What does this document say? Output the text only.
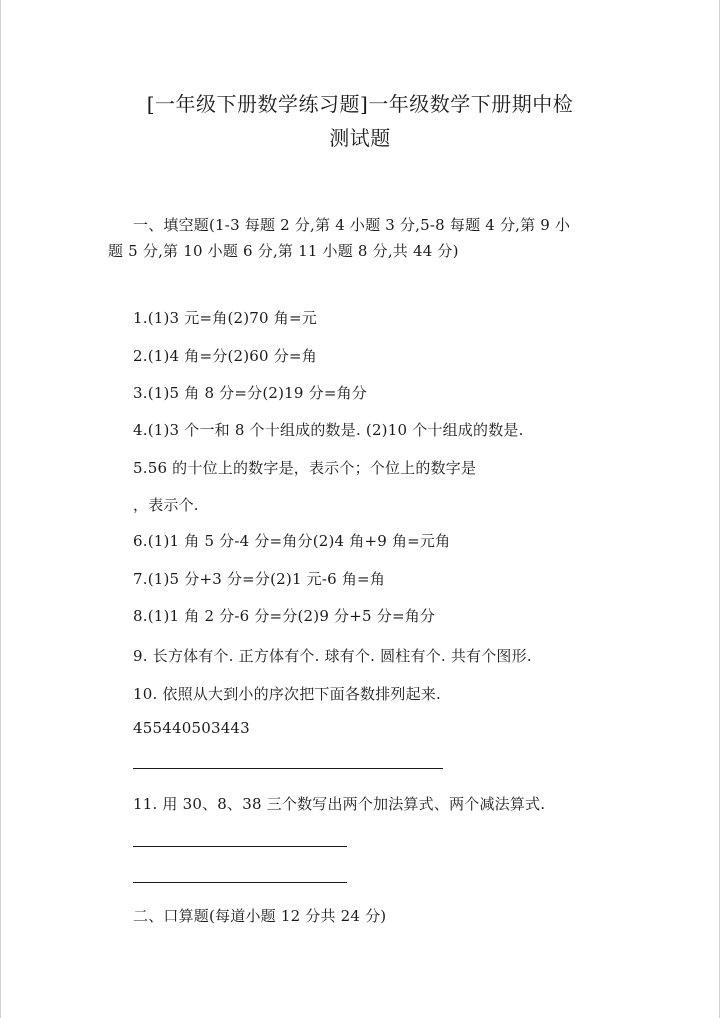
[一年级下册数学练习题]一年级数学下册期中检
测试题
一、填空题(1-3 每题 2 分,第 4 小题 3 分,5-8 每题 4 分,第 9 小
题 5 分,第 10 小题 6 分,第 11 小题 8 分,共 44 分)
1.(1)3 元=角(2)70 角=元
2.(1)4 角=分(2)60 分=角
3.(1)5 角 8 分=分(2)19 分=角分
4.(1)3 个一和 8 个十组成的数是. (2)10 个十组成的数是.
5.56 的十位上的数字是，表示个；个位上的数字是
，表示个.
6.(1)1 角 5 分-4 分=角分(2)4 角+9 角=元角
7.(1)5 分+3 分=分(2)1 元-6 角=角
8.(1)1 角 2 分-6 分=分(2)9 分+5 分=角分
9. 长方体有个. 正方体有个. 球有个. 圆柱有个. 共有个图形.
10. 依照从大到小的序次把下面各数排列起来.
455440503443
11. 用 30、8、38 三个数写出两个加法算式、两个减法算式.
二、口算题(每道小题 12 分共 24 分)
